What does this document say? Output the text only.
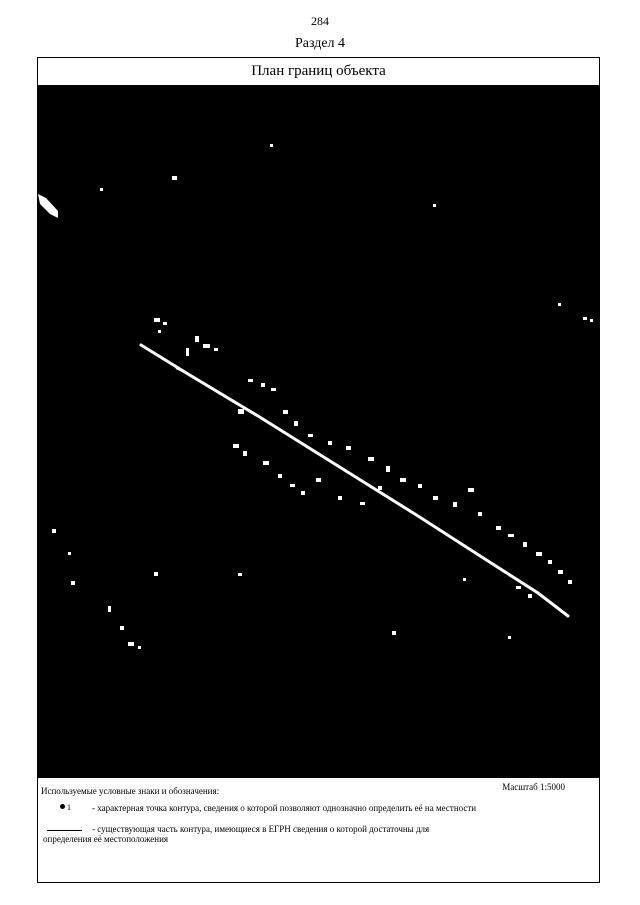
284
Раздел 4
План границ объекта
Используемые условные знаки и обозначения:	Масштаб 1:5000
1 - характерная точка контура, сведения о которой позволяют однозначно определить её на местности
- существующая часть контура, имеющиеся в ЕГРН сведения о которой достаточны для
определения её местоположения
